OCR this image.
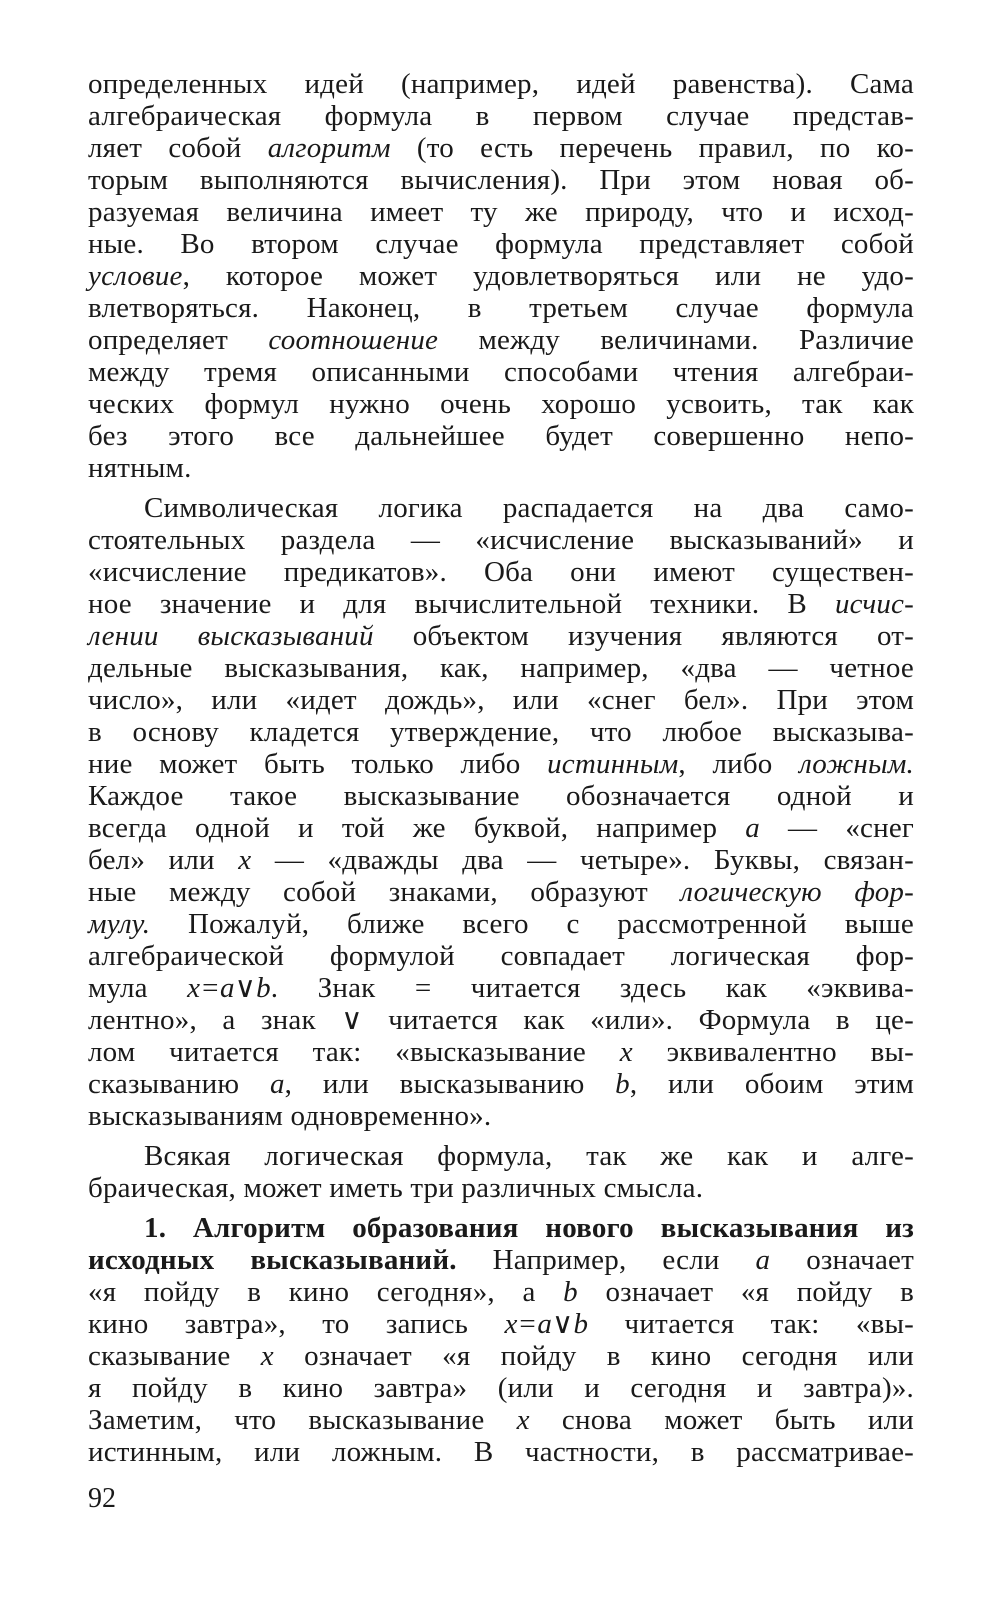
определенных идей (например, идей равенства). Сама
алгебраическая формула в первом случае представ-
ляет собой алгоритм (то есть перечень правил, по ко-
торым выполняются вычисления). При этом новая об-
разуемая величина имеет ту же природу, что и исход-
ные. Во втором случае формула представляет собой
условие, которое может удовлетворяться или не удо-
влетворяться. Наконец, в третьем случае формула
определяет соотношение между величинами. Различие
между тремя описанными способами чтения алгебраи-
ческих формул нужно очень хорошо усвоить, так как
без этого все дальнейшее будет совершенно непо-
нятным.
Символическая логика распадается на два само-
стоятельных раздела — «исчисление высказываний» и
«исчисление предикатов». Оба они имеют существен-
ное значение и для вычислительной техники. В исчис-
лении высказываний объектом изучения являются от-
дельные высказывания, как, например, «два — четное
число», или «идет дождь», или «снег бел». При этом
в основу кладется утверждение, что любое высказыва-
ние может быть только либо истинным, либо ложным.
Каждое такое высказывание обозначается одной и
всегда одной и той же буквой, например а — «снег
бел» или х — «дважды два — четыре». Буквы, связан-
ные между собой знаками, образуют логическую фор-
мулу. Пожалуй, ближе всего с рассмотренной выше
алгебраической формулой совпадает логическая фор-
мула х=а∨b. Знак = читается здесь как «эквива-
лентно», а знак ∨ читается как «или». Формула в це-
лом читается так: «высказывание х эквивалентно вы-
сказыванию а, или высказыванию b, или обоим этим
высказываниям одновременно».
Всякая логическая формула, так же как и алге-
браическая, может иметь три различных смысла.
1. Алгоритм образования нового высказывания из
исходных высказываний. Например, если а означает
«я пойду в кино сегодня», а b означает «я пойду в
кино завтра», то запись х=а∨b читается так: «вы-
сказывание х означает «я пойду в кино сегодня или
я пойду в кино завтра» (или и сегодня и завтра)».
Заметим, что высказывание х снова может быть или
истинным, или ложным. В частности, в рассматривае-
92
